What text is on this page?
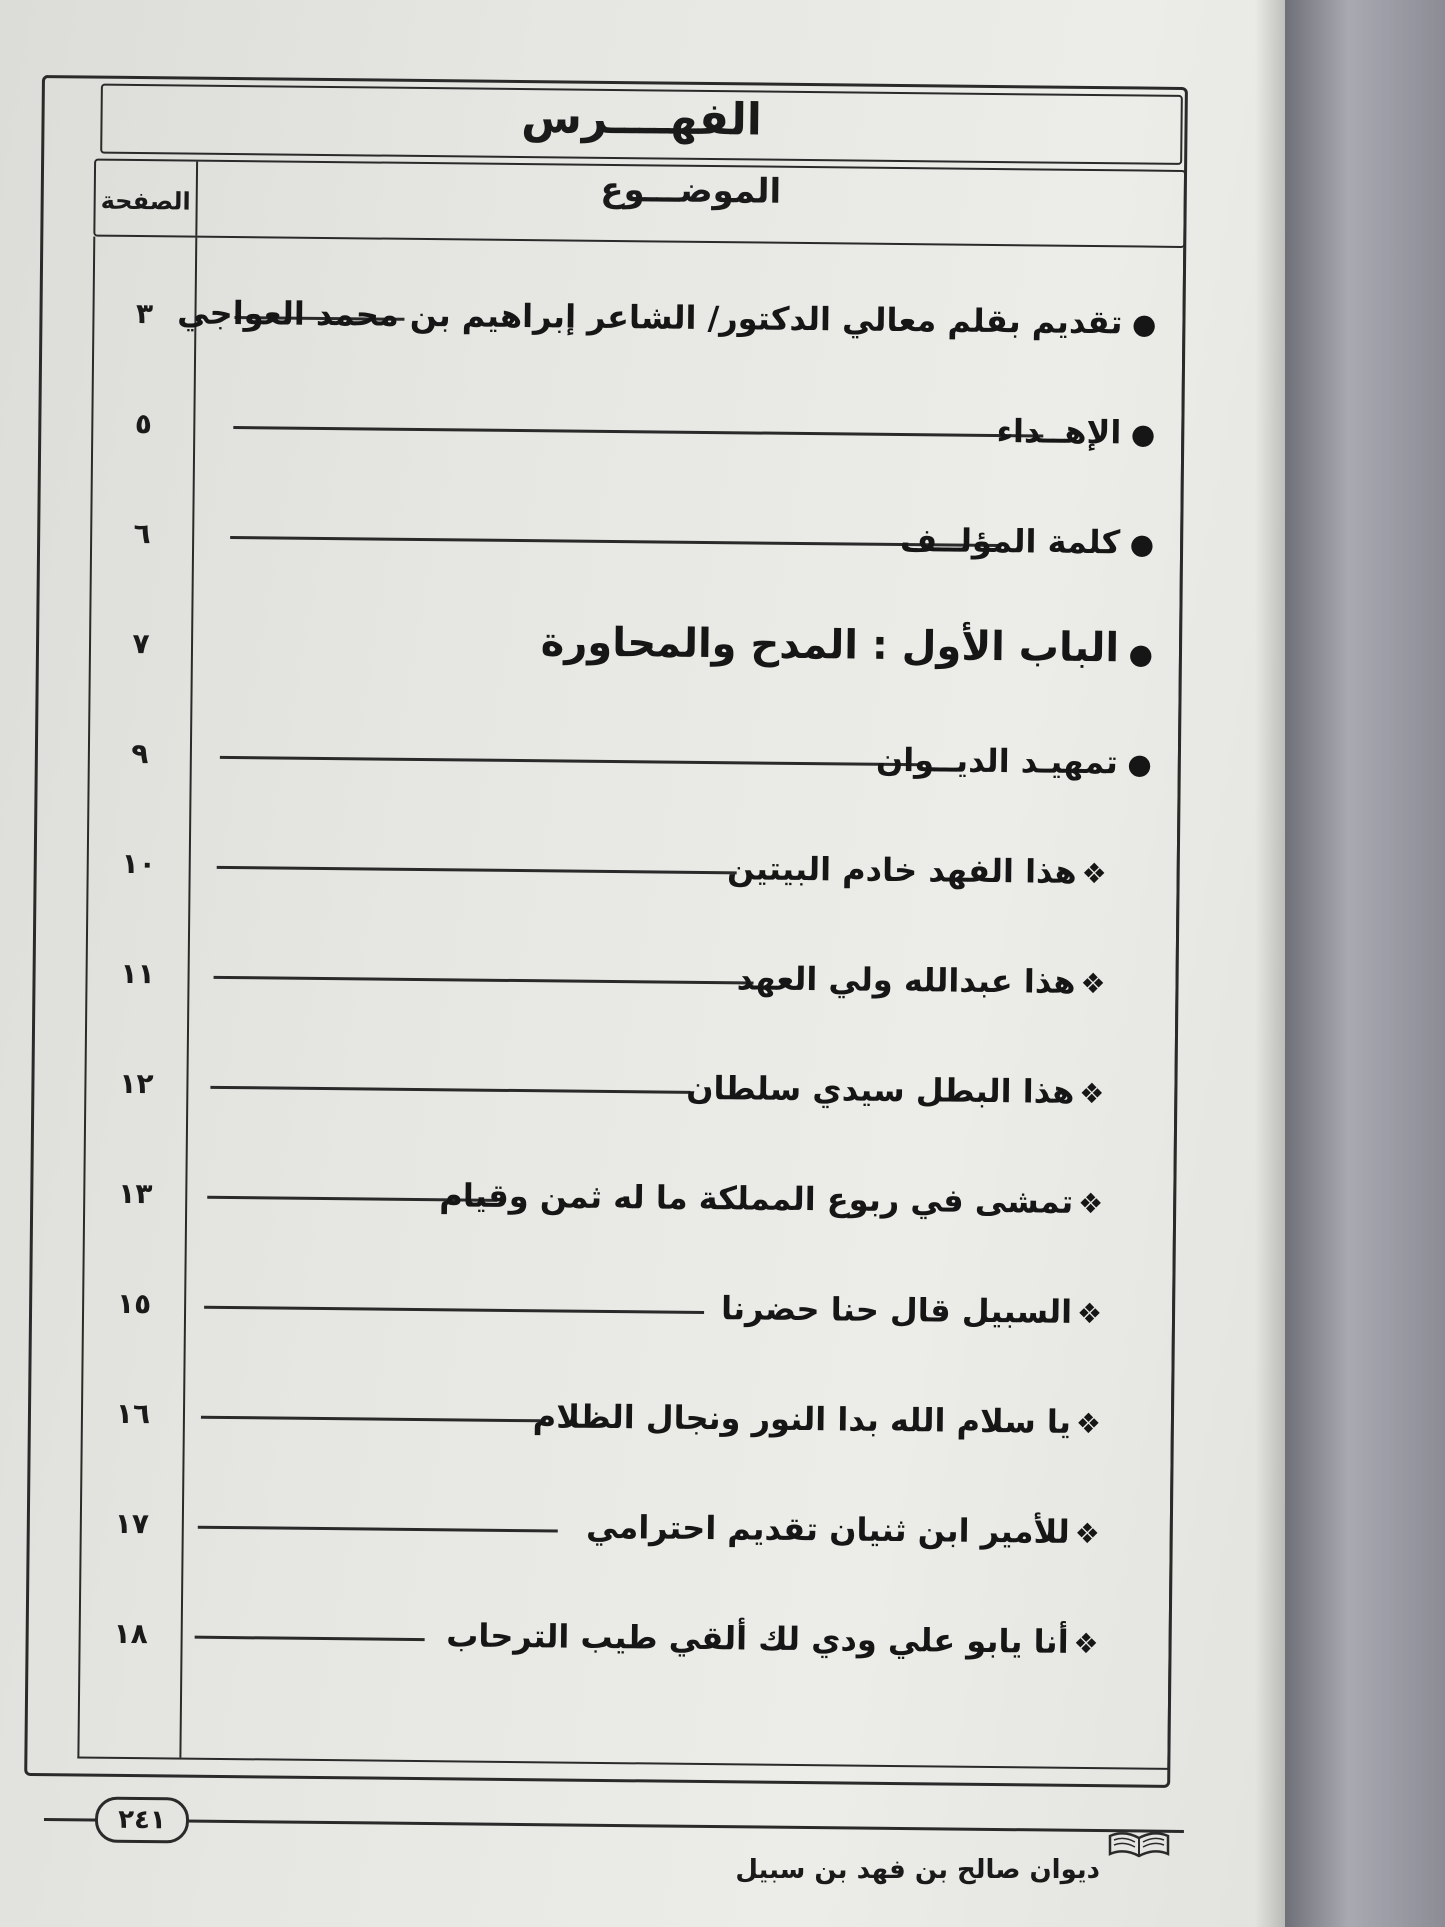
الفهــــرس
الصفحة	الموضـــوع
٣ تقديم بقلم معالي الدكتور/ الشاعر إبراهيم بن محمد العواجي ●
٥	الإهــداء ●
٦	كلمة المؤلــف ●
٧	الباب الأول : المدح والمحاورة ●
٩	تمهيـد الديــوان ●
١٠	هذا الفهد خادم البيتين ❖
١١	هذا عبدالله ولي العهد ❖
١٢	هذا البطل سيدي سلطان ❖
١٣	تمشى في ربوع المملكة ما له ثمن وقيام ❖
١٥	السبيل قال حنا حضرنا ❖
١٦	يا سلام الله بدا النور ونجال الظلام ❖
١٧	للأمير ابن ثنيان تقديم احترامي ❖
١٨	أنا يابو علي ودي لك ألقي طيب الترحاب ❖
٢٤١
ديوان صالح بن فهد بن سبيل
